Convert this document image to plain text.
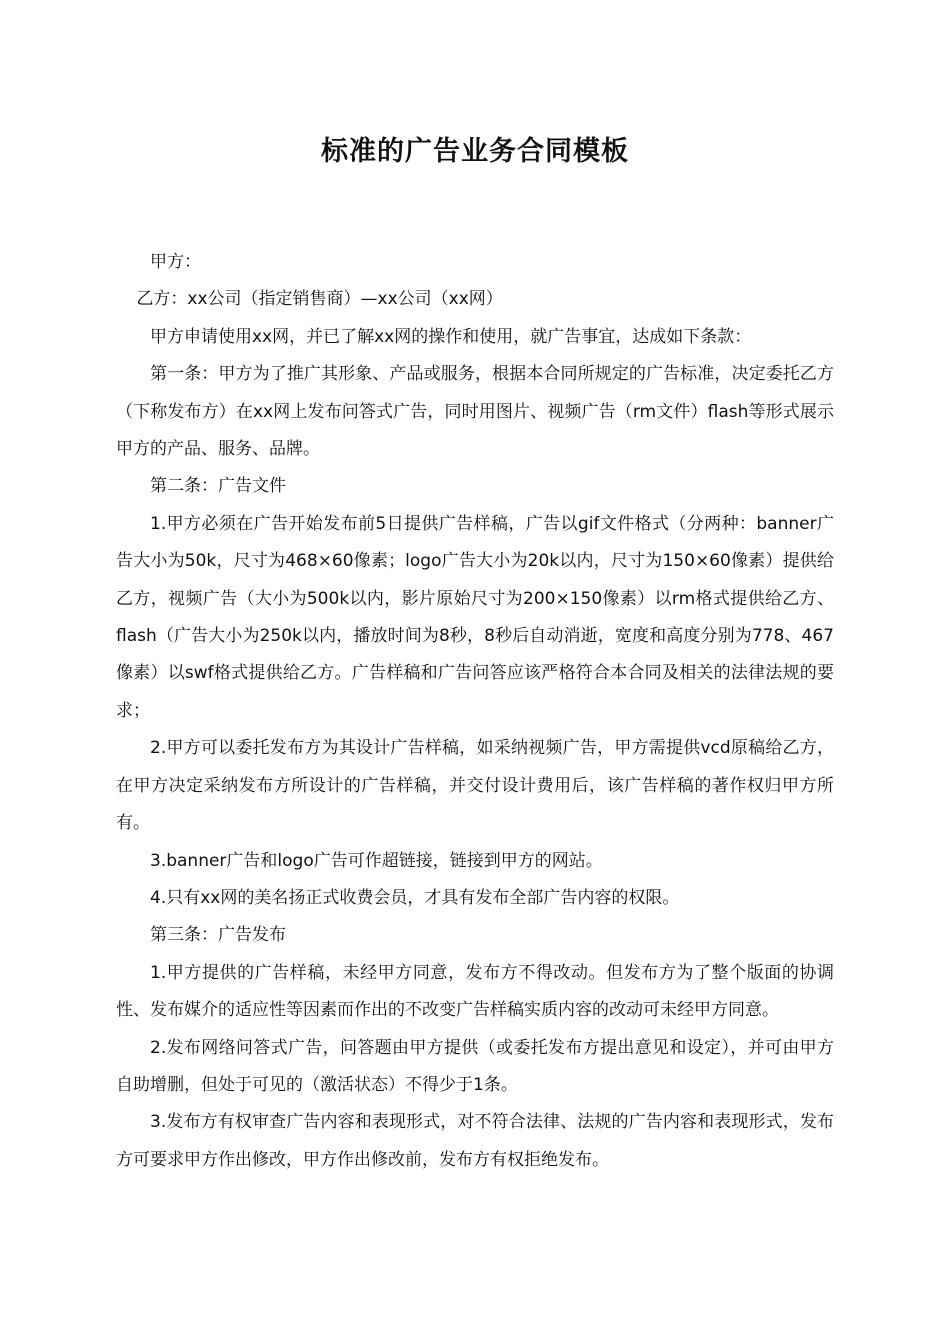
标准的广告业务合同模板

甲方：

乙方：xx公司（指定销售商）—xx公司（xx网）

甲方申请使用xx网，并已了解xx网的操作和使用，就广告事宜，达成如下条款：

第一条：甲方为了推广其形象、产品或服务，根据本合同所规定的广告标准，决定委托乙方（下称发布方）在xx网上发布问答式广告，同时用图片、视频广告（rm文件）flash等形式展示甲方的产品、服务、品牌。

第二条：广告文件

1.甲方必须在广告开始发布前5日提供广告样稿，广告以gif文件格式（分两种：banner广告大小为50k，尺寸为468×60像素；logo广告大小为20k以内，尺寸为150×60像素）提供给乙方，视频广告（大小为500k以内，影片原始尺寸为200×150像素）以rm格式提供给乙方、flash（广告大小为250k以内，播放时间为8秒，8秒后自动消逝，宽度和高度分别为778、467像素）以swf格式提供给乙方。广告样稿和广告问答应该严格符合本合同及相关的法律法规的要求；

2.甲方可以委托发布方为其设计广告样稿，如采纳视频广告，甲方需提供vcd原稿给乙方，在甲方决定采纳发布方所设计的广告样稿，并交付设计费用后，该广告样稿的著作权归甲方所有。

3.banner广告和logo广告可作超链接，链接到甲方的网站。

4.只有xx网的美名扬正式收费会员，才具有发布全部广告内容的权限。

第三条：广告发布

1.甲方提供的广告样稿，未经甲方同意，发布方不得改动。但发布方为了整个版面的协调性、发布媒介的适应性等因素而作出的不改变广告样稿实质内容的改动可未经甲方同意。

2.发布网络问答式广告，问答题由甲方提供（或委托发布方提出意见和设定），并可由甲方自助增删，但处于可见的（激活状态）不得少于1条。

3.发布方有权审查广告内容和表现形式，对不符合法律、法规的广告内容和表现形式，发布方可要求甲方作出修改，甲方作出修改前，发布方有权拒绝发布。
